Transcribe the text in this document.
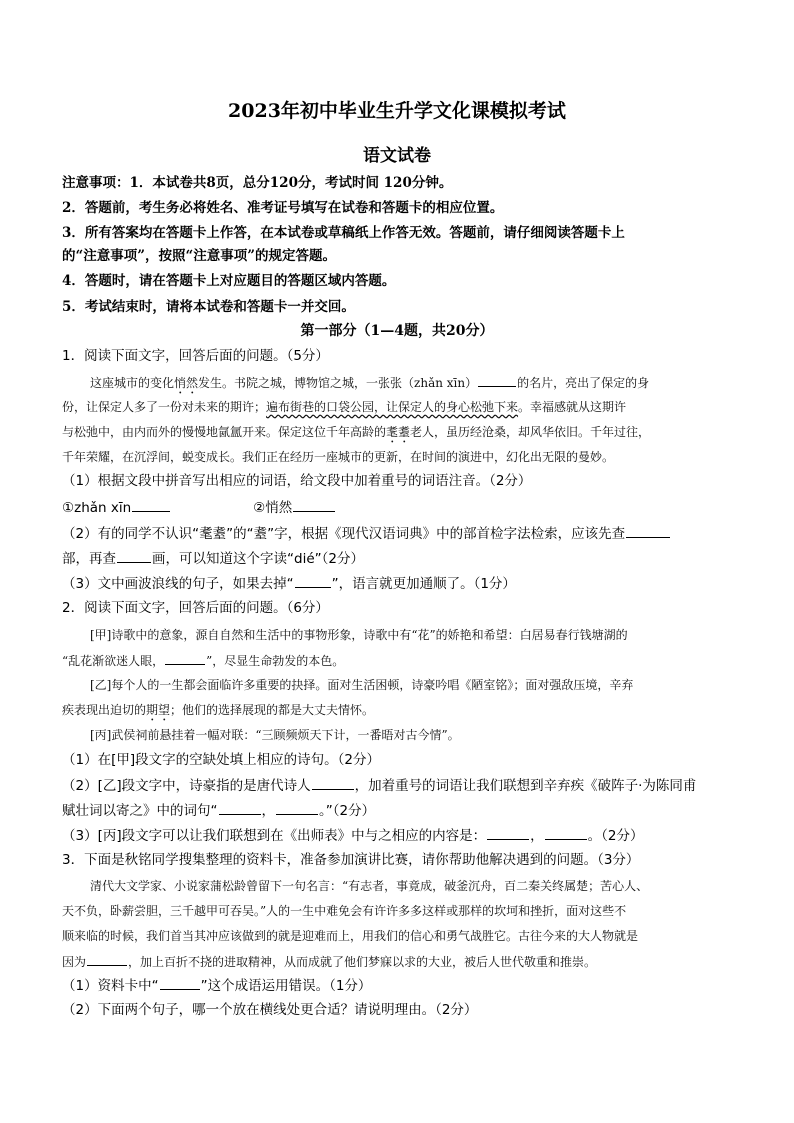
2023年初中毕业生升学文化课模拟考试
语文试卷
注意事项：1．本试卷共8页，总分120分，考试时间 120分钟。
2．答题前，考生务必将姓名、准考证号填写在试卷和答题卡的相应位置。
3．所有答案均在答题卡上作答，在本试卷或草稿纸上作答无效。答题前，请仔细阅读答题卡上
的“注意事项”，按照“注意事项”的规定答题。
4．答题时，请在答题卡上对应题目的答题区域内答题。
5．考试结束时，请将本试卷和答题卡一并交回。
第一部分（1—4题，共20分）
1．阅读下面文字，回答后面的问题。（5分）
这座城市的变化悄然发生。书院之城，博物馆之城，一张张（zhǎn xīn）	的名片，亮出了保定的身
份，让保定人多了一份对未来的期许；遍布街巷的口袋公园，让保定人的身心松弛下来。幸福感就从这期许
与松弛中，由内而外的慢慢地氤氲开来。保定这位千年高龄的耄耋老人，虽历经沧桑，却风华依旧。千年过往，
千年荣耀，在沉浮间，蜕变成长。我们正在经历一座城市的更新，在时间的演进中，幻化出无限的曼妙。
（1）根据文段中拼音写出相应的词语，给文段中加着重号的词语注音。（2分）
①zhǎn xīn	②悄然
（2）有的同学不认识“耄耋”的“耋”字，根据《现代汉语词典》中的部首检字法检索，应该先查
部，再查	画，可以知道这个字读“dié”（2分）
（3）文中画波浪线的句子，如果去掉“	”，语言就更加通顺了。（1分）
2．阅读下面文字，回答后面的问题。（6分）
[甲]诗歌中的意象，源自自然和生活中的事物形象，诗歌中有“花”的娇艳和希望：白居易春行钱塘湖的
“乱花渐欲迷人眼，	”，尽显生命勃发的本色。
[乙]每个人的一生都会面临许多重要的抉择。面对生活困顿，诗豪吟唱《陋室铭》；面对强敌压境，辛弃
疾表现出迫切的期望；他们的选择展现的都是大丈夫情怀。
[丙]武侯祠前悬挂着一幅对联：“三顾频烦天下计，一番晤对古今情”。
（1）在[甲]段文字的空缺处填上相应的诗句。（2分）
（2）[乙]段文字中，诗豪指的是唐代诗人	，加着重号的词语让我们联想到辛弃疾《破阵子·为陈同甫
赋壮词以寄之》中的词句“	，	。”（2分）
（3）[丙]段文字可以让我们联想到在《出师表》中与之相应的内容是：	，	。（2分）
3．下面是秋铭同学搜集整理的资料卡，准备参加演讲比赛，请你帮助他解决遇到的问题。（3分）
清代大文学家、小说家蒲松龄曾留下一句名言：“有志者，事竟成，破釜沉舟，百二秦关终属楚；苦心人、
天不负，卧薪尝胆，三千越甲可吞吴。”人的一生中难免会有许许多多这样或那样的坎坷和挫折，面对这些不
顺来临的时候，我们首当其冲应该做到的就是迎难而上，用我们的信心和勇气战胜它。古往今来的大人物就是
因为	，加上百折不挠的进取精神，从而成就了他们梦寐以求的大业，被后人世代敬重和推崇。
（1）资料卡中“	”这个成语运用错误。（1分）
（2）下面两个句子，哪一个放在横线处更合适？请说明理由。（2分）
